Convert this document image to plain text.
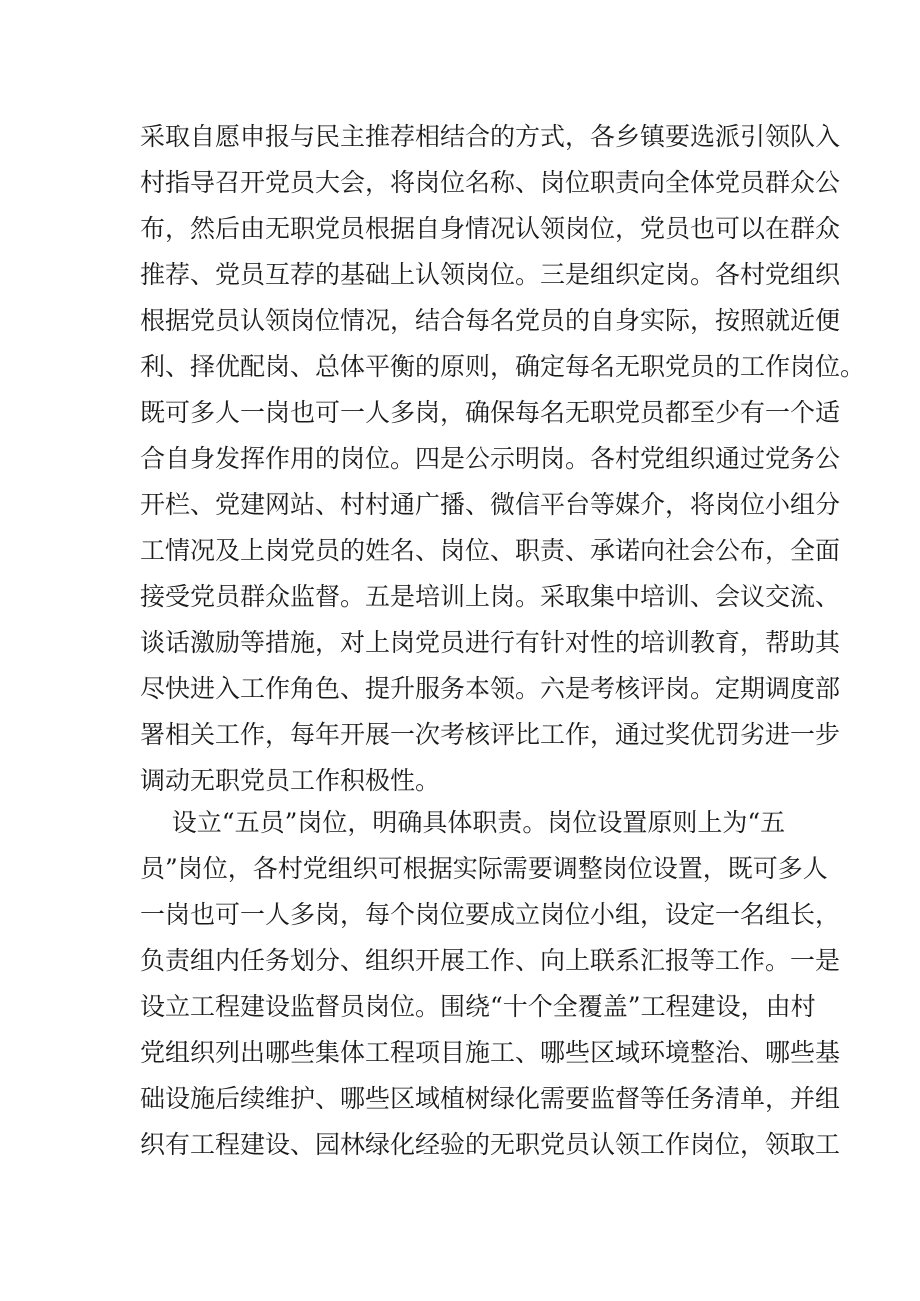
采取自愿申报与民主推荐相结合的方式，各乡镇要选派引领队入
村指导召开党员大会，将岗位名称、岗位职责向全体党员群众公
布，然后由无职党员根据自身情况认领岗位，党员也可以在群众
推荐、党员互荐的基础上认领岗位。三是组织定岗。各村党组织
根据党员认领岗位情况，结合每名党员的自身实际，按照就近便
利、择优配岗、总体平衡的原则，确定每名无职党员的工作岗位。
既可多人一岗也可一人多岗，确保每名无职党员都至少有一个适
合自身发挥作用的岗位。四是公示明岗。各村党组织通过党务公
开栏、党建网站、村村通广播、微信平台等媒介，将岗位小组分
工情况及上岗党员的姓名、岗位、职责、承诺向社会公布，全面
接受党员群众监督。五是培训上岗。采取集中培训、会议交流、
谈话激励等措施，对上岗党员进行有针对性的培训教育，帮助其
尽快进入工作角色、提升服务本领。六是考核评岗。定期调度部
署相关工作，每年开展一次考核评比工作，通过奖优罚劣进一步
调动无职党员工作积极性。
设立“五员”岗位，明确具体职责。岗位设置原则上为“五
员”岗位，各村党组织可根据实际需要调整岗位设置，既可多人
一岗也可一人多岗，每个岗位要成立岗位小组，设定一名组长，
负责组内任务划分、组织开展工作、向上联系汇报等工作。一是
设立工程建设监督员岗位。围绕“十个全覆盖”工程建设，由村
党组织列出哪些集体工程项目施工、哪些区域环境整治、哪些基
础设施后续维护、哪些区域植树绿化需要监督等任务清单，并组
织有工程建设、园林绿化经验的无职党员认领工作岗位，领取工
